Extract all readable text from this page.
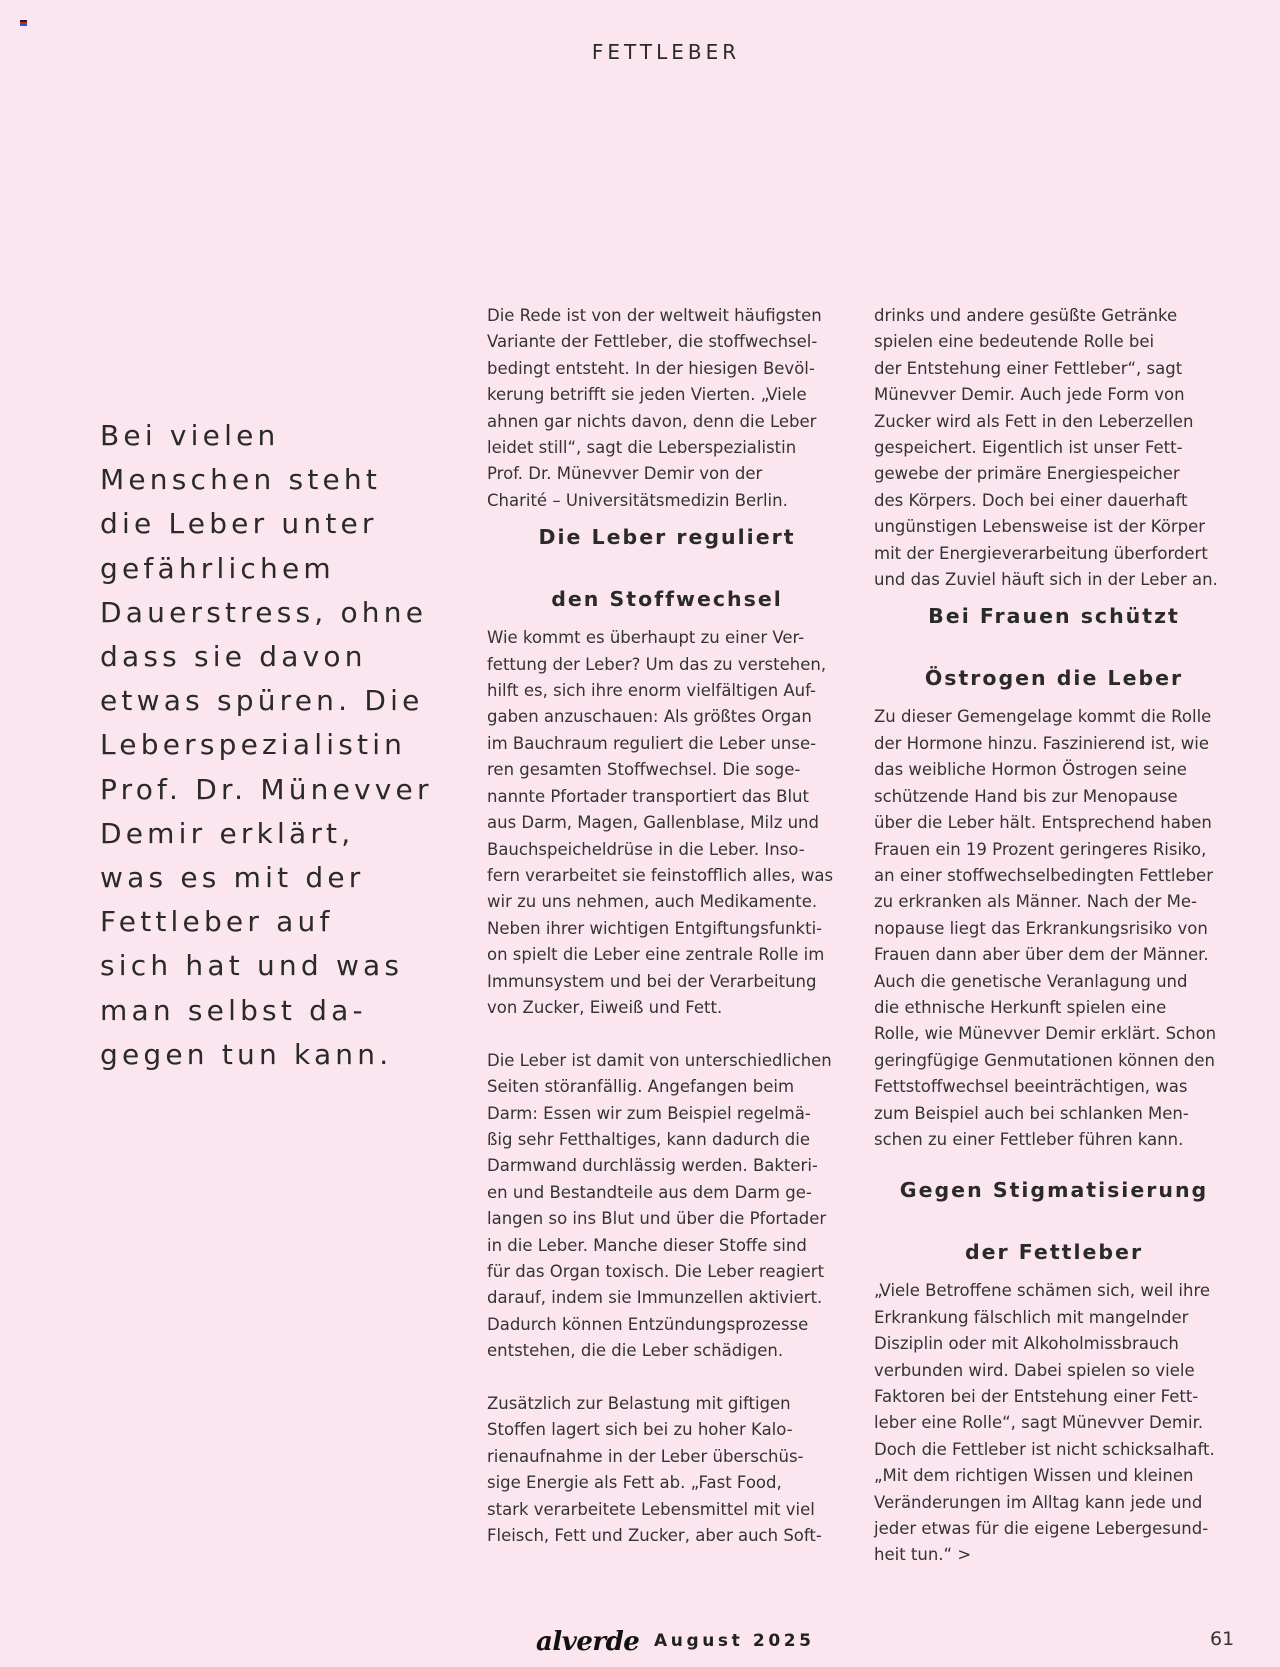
FETTLEBER
Bei vielen
Menschen steht
die Leber unter
gefährlichem
Dauerstress, ohne
dass sie davon
etwas spüren. Die
Leberspezialistin
Prof. Dr. Münevver
Demir erklärt,
was es mit der
Fettleber auf
sich hat und was
man selbst da-
gegen tun kann.
Die Rede ist von der weltweit häufigsten
Variante der Fettleber, die stoffwechsel-
bedingt entsteht. In der hiesigen Bevöl-
kerung betrifft sie jeden Vierten. „Viele
ahnen gar nichts davon, denn die Leber
leidet still“, sagt die Leberspezialistin
Prof. Dr. Münevver Demir von der
Charité – Universitätsmedizin Berlin.
Die Leber reguliert

den Stoffwechsel
Wie kommt es überhaupt zu einer Ver-
fettung der Leber? Um das zu verstehen,
hilft es, sich ihre enorm vielfältigen Auf-
gaben anzuschauen: Als größtes Organ
im Bauchraum reguliert die Leber unse-
ren gesamten Stoffwechsel. Die soge-
nannte Pfortader transportiert das Blut
aus Darm, Magen, Gallenblase, Milz und
Bauchspeicheldrüse in die Leber. Inso-
fern verarbeitet sie feinstofflich alles, was
wir zu uns nehmen, auch Medikamente.
Neben ihrer wichtigen Entgiftungsfunkti-
on spielt die Leber eine zentrale Rolle im
Immunsystem und bei der Verarbeitung
von Zucker, Eiweiß und Fett.
Die Leber ist damit von unterschiedlichen
Seiten störanfällig. Angefangen beim
Darm: Essen wir zum Beispiel regelmä-
ßig sehr Fetthaltiges, kann dadurch die
Darmwand durchlässig werden. Bakteri-
en und Bestandteile aus dem Darm ge-
langen so ins Blut und über die Pfortader
in die Leber. Manche dieser Stoffe sind
für das Organ toxisch. Die Leber reagiert
darauf, indem sie Immunzellen aktiviert.
Dadurch können Entzündungsprozesse
entstehen, die die Leber schädigen.
Zusätzlich zur Belastung mit giftigen
Stoffen lagert sich bei zu hoher Kalo-
rienaufnahme in der Leber überschüs-
sige Energie als Fett ab. „Fast Food,
stark verarbeitete Lebensmittel mit viel
Fleisch, Fett und Zucker, aber auch Soft-
drinks und andere gesüßte Getränke
spielen eine bedeutende Rolle bei
der Entstehung einer Fettleber“, sagt
Münevver Demir. Auch jede Form von
Zucker wird als Fett in den Leberzellen
gespeichert. Eigentlich ist unser Fett-
gewebe der primäre Energiespeicher
des Körpers. Doch bei einer dauerhaft
ungünstigen Lebensweise ist der Körper
mit der Energieverarbeitung überfordert
und das Zuviel häuft sich in der Leber an.
Bei Frauen schützt

Östrogen die Leber
Zu dieser Gemengelage kommt die Rolle
der Hormone hinzu. Faszinierend ist, wie
das weibliche Hormon Östrogen seine
schützende Hand bis zur Menopause
über die Leber hält. Entsprechend haben
Frauen ein 19 Prozent geringeres Risiko,
an einer stoffwechselbedingten Fettleber
zu erkranken als Männer. Nach der Me-
nopause liegt das Erkrankungsrisiko von
Frauen dann aber über dem der Männer.
Auch die genetische Veranlagung und
die ethnische Herkunft spielen eine
Rolle, wie Münevver Demir erklärt. Schon
geringfügige Genmutationen können den
Fettstoffwechsel beeinträchtigen, was
zum Beispiel auch bei schlanken Men-
schen zu einer Fettleber führen kann.
Gegen Stigmatisierung

der Fettleber
„Viele Betroffene schämen sich, weil ihre
Erkrankung fälschlich mit mangelnder
Disziplin oder mit Alkoholmissbrauch
verbunden wird. Dabei spielen so viele
Faktoren bei der Entstehung einer Fett-
leber eine Rolle“, sagt Münevver Demir.
Doch die Fettleber ist nicht schicksalhaft.
„Mit dem richtigen Wissen und kleinen
Veränderungen im Alltag kann jede und
jeder etwas für die eigene Lebergesund-
heit tun.“ >
alverde August 2025	61
